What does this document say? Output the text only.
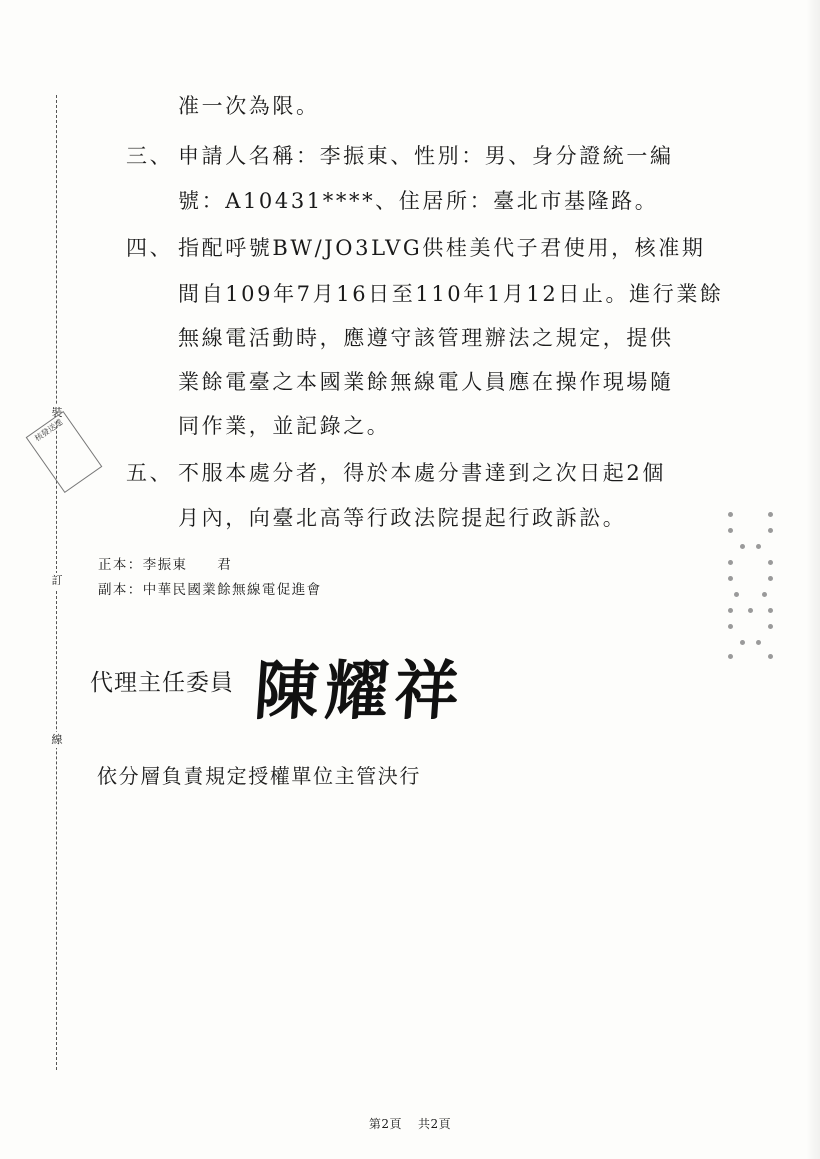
裝
訂
線
核發送達
准一次為限。
三、 申請人名稱：李振東、性別：男、身分證統一編
號：A10431****、住居所：臺北市基隆路。
四、 指配呼號BW/JO3LVG供桂美代子君使用，核准期
間自109年7月16日至110年1月12日止。進行業餘
無線電活動時，應遵守該管理辦法之規定，提供
業餘電臺之本國業餘無線電人員應在操作現場隨
同作業，並記錄之。
五、 不服本處分者，得於本處分書達到之次日起2個
月內，向臺北高等行政法院提起行政訴訟。
正本：李振東　　君
副本：中華民國業餘無線電促進會
代理主任委員 陳耀祥
依分層負責規定授權單位主管決行
第2頁 共2頁
